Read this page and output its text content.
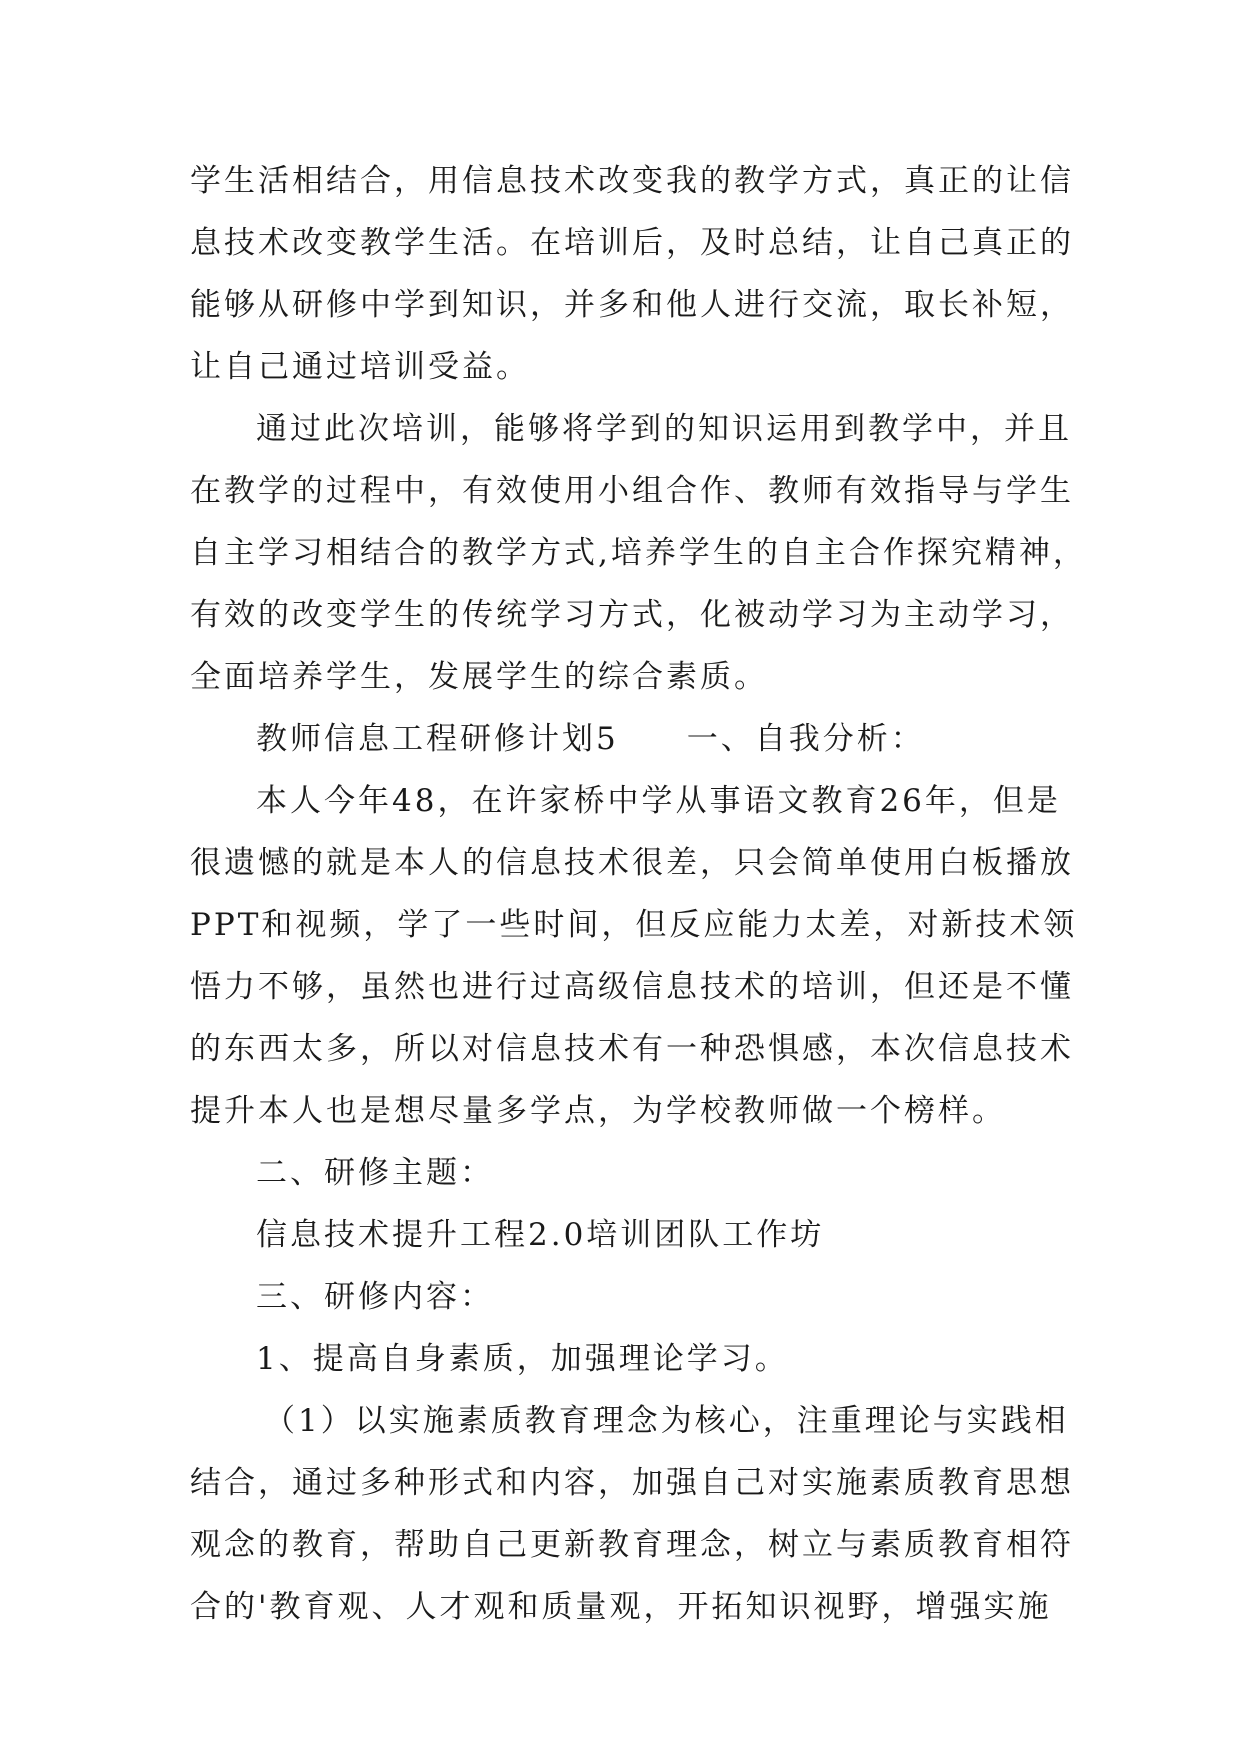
学生活相结合，用信息技术改变我的教学方式，真正的让信
息技术改变教学生活。在培训后，及时总结，让自己真正的
能够从研修中学到知识，并多和他人进行交流，取长补短，
让自己通过培训受益。
通过此次培训，能够将学到的知识运用到教学中，并且
在教学的过程中，有效使用小组合作、教师有效指导与学生
自主学习相结合的教学方式,培养学生的自主合作探究精神，
有效的改变学生的传统学习方式，化被动学习为主动学习，
全面培养学生，发展学生的综合素质。
教师信息工程研修计划5　　一、自我分析：
本人今年48，在许家桥中学从事语文教育26年，但是
很遗憾的就是本人的信息技术很差，只会简单使用白板播放
PPT和视频，学了一些时间，但反应能力太差，对新技术领
悟力不够，虽然也进行过高级信息技术的培训，但还是不懂
的东西太多，所以对信息技术有一种恐惧感，本次信息技术
提升本人也是想尽量多学点，为学校教师做一个榜样。
二、研修主题：
信息技术提升工程2.0培训团队工作坊
三、研修内容：
1、提高自身素质，加强理论学习。
（1）以实施素质教育理念为核心，注重理论与实践相
结合，通过多种形式和内容，加强自己对实施素质教育思想
观念的教育，帮助自己更新教育理念，树立与素质教育相符
合的'教育观、人才观和质量观，开拓知识视野，增强实施
